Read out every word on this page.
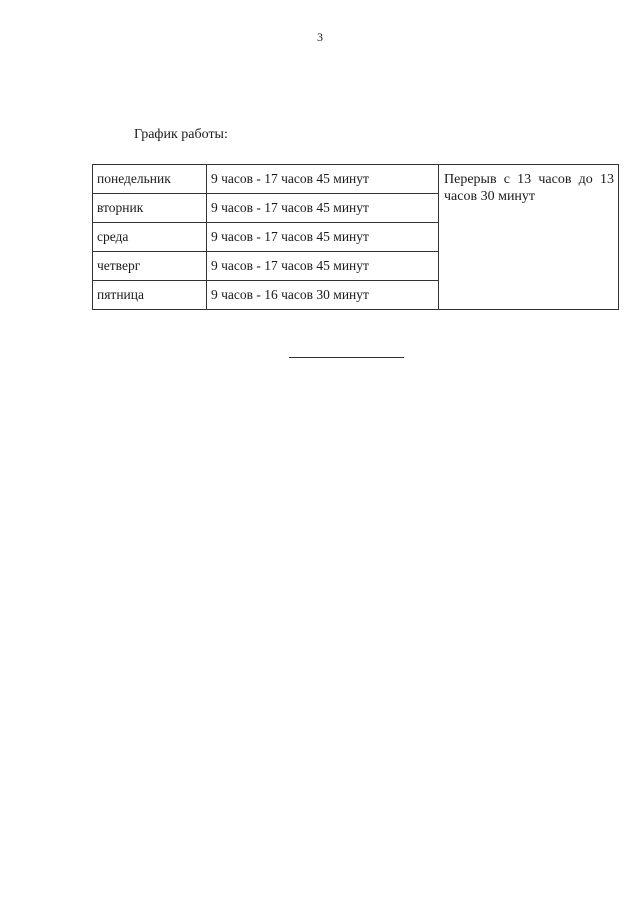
3
График работы:
понедельник	9 часов - 17 часов 45 минут	Перерыв с 13 часов до 13 часов 30 минут
вторник	9 часов - 17 часов 45 минут	
среда	9 часов - 17 часов 45 минут	
четверг	9 часов - 17 часов 45 минут	
пятница	9 часов - 16 часов 30 минут	
